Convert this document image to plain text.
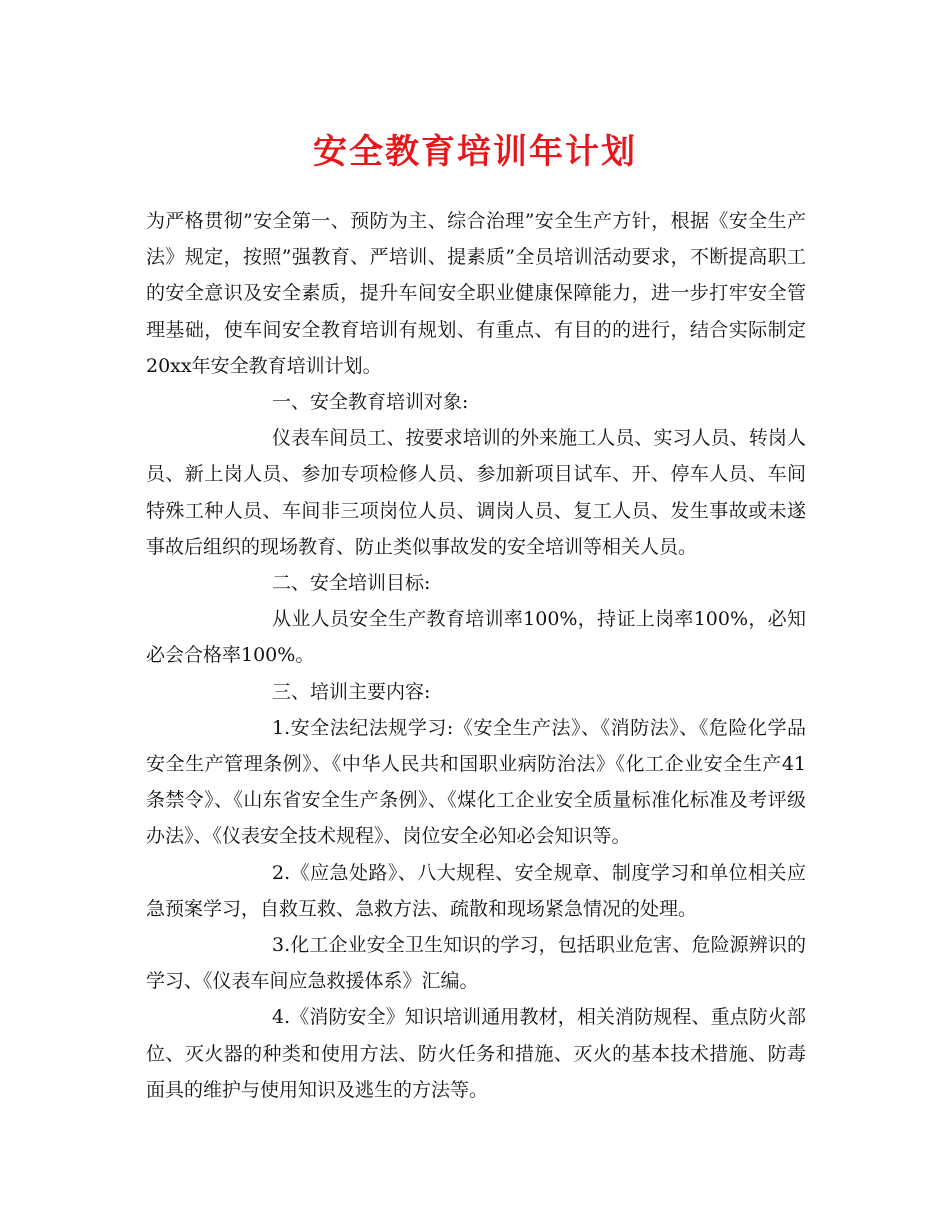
安全教育培训年计划

为严格贯彻”安全第一、预防为主、综合治理”安全生产方针，根据《安全生产法》规定，按照”强教育、严培训、提素质”全员培训活动要求，不断提高职工的安全意识及安全素质，提升车间安全职业健康保障能力，进一步打牢安全管理基础，使车间安全教育培训有规划、有重点、有目的的进行，结合实际制定20xx年安全教育培训计划。

一、安全教育培训对象:

仪表车间员工、按要求培训的外来施工人员、实习人员、转岗人员、新上岗人员、参加专项检修人员、参加新项目试车、开、停车人员、车间特殊工种人员、车间非三项岗位人员、调岗人员、复工人员、发生事故或未遂事故后组织的现场教育、防止类似事故发的安全培训等相关人员。

二、安全培训目标:

从业人员安全生产教育培训率100%，持证上岗率100%，必知必会合格率100%。

三、培训主要内容:

1.安全法纪法规学习:《安全生产法》、《消防法》、《危险化学品安全生产管理条例》、《中华人民共和国职业病防治法》《化工企业安全生产41条禁令》、《山东省安全生产条例》、《煤化工企业安全质量标准化标准及考评级办法》、《仪表安全技术规程》、岗位安全必知必会知识等。

2.《应急处路》、八大规程、安全规章、制度学习和单位相关应急预案学习，自救互救、急救方法、疏散和现场紧急情况的处理。

3.化工企业安全卫生知识的学习，包括职业危害、危险源辨识的学习、《仪表车间应急救援体系》汇编。

4.《消防安全》知识培训通用教材，相关消防规程、重点防火部位、灭火器的种类和使用方法、防火任务和措施、灭火的基本技术措施、防毒面具的维护与使用知识及逃生的方法等。
